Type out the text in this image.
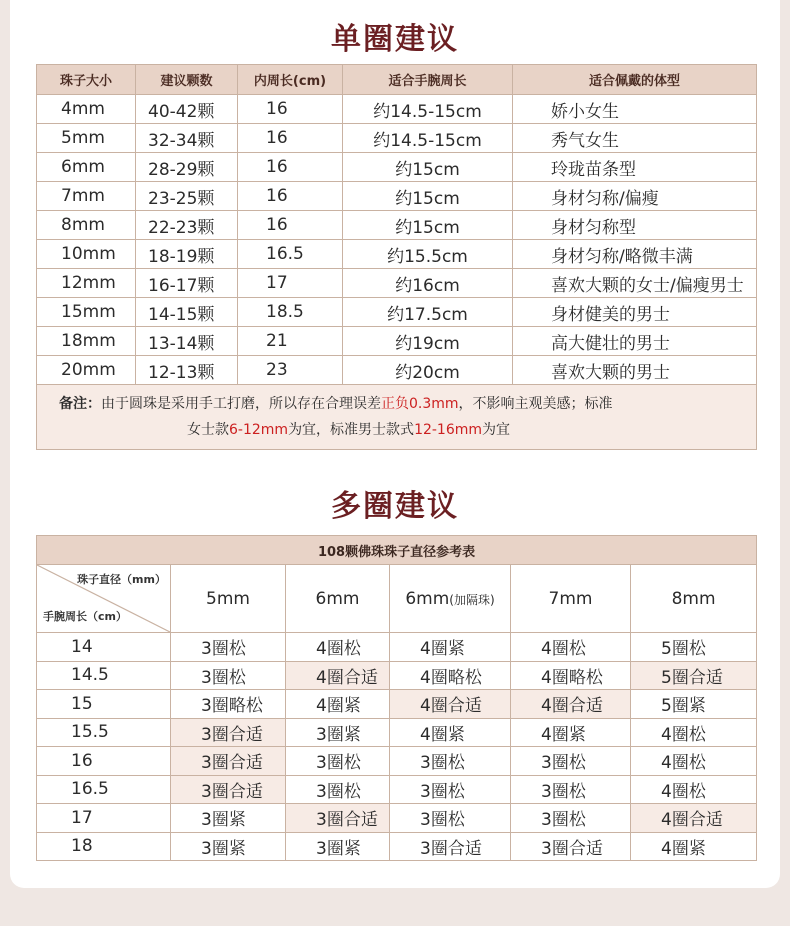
单圈建议
珠子大小	建议颗数	内周长(cm)	适合手腕周长	适合佩戴的体型
4mm	40-42颗	16	约14.5-15cm	娇小女生
5mm	32-34颗	16	约14.5-15cm	秀气女生
6mm	28-29颗	16	约15cm	玲珑苗条型
7mm	23-25颗	16	约15cm	身材匀称/偏瘦
8mm	22-23颗	16	约15cm	身材匀称型
10mm	18-19颗	16.5	约15.5cm	身材匀称/略微丰满
12mm	16-17颗	17	约16cm	喜欢大颗的女士/偏瘦男士
15mm	14-15颗	18.5	约17.5cm	身材健美的男士
18mm	13-14颗	21	约19cm	高大健壮的男士
20mm	12-13颗	23	约20cm	喜欢大颗的男士

备注：由于圆珠是采用手工打磨，所以存在合理误差正负0.3mm，不影响主观美感；标准
女士款6-12mm为宜，标准男士款式12-16mm为宜				
多圈建议
108颗佛珠珠子直径参考表					

珠子直径（mm）
手腕周长（cm）	5mm	6mm	6mm(加隔珠)	7mm	8mm
14	3圈松	4圈松	4圈紧	4圈松	5圈松
14.5	3圈松	4圈合适	4圈略松	4圈略松	5圈合适
15	3圈略松	4圈紧	4圈合适	4圈合适	5圈紧
15.5	3圈合适	3圈紧	4圈紧	4圈紧	4圈松
16	3圈合适	3圈松	3圈松	3圈松	4圈松
16.5	3圈合适	3圈松	3圈松	3圈松	4圈松
17	3圈紧	3圈合适	3圈松	3圈松	4圈合适
18	3圈紧	3圈紧	3圈合适	3圈合适	4圈紧
